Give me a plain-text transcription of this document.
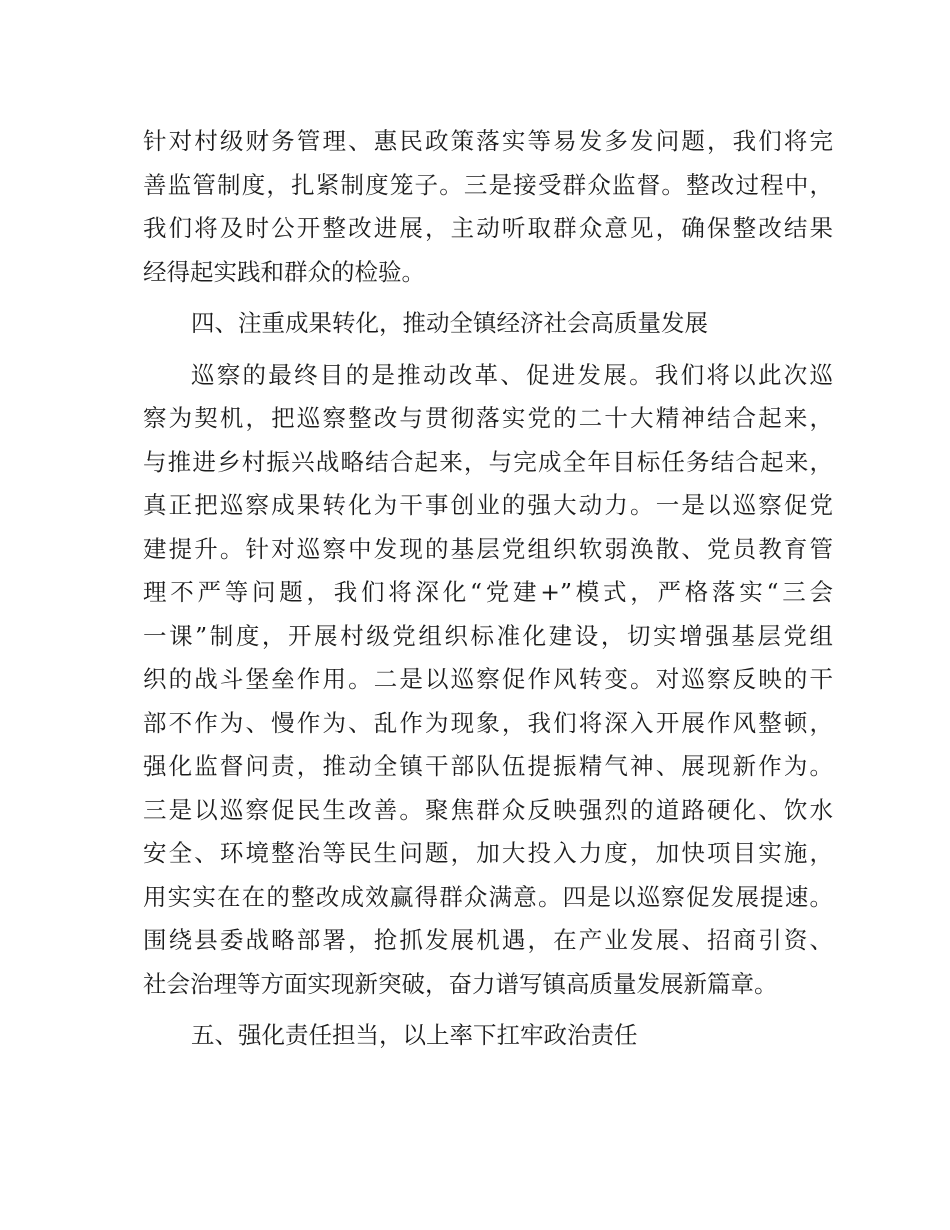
针对村级财务管理、惠民政策落实等易发多发问题，我们将完
善监管制度，扎紧制度笼子。三是接受群众监督。整改过程中，
我们将及时公开整改进展，主动听取群众意见，确保整改结果
经得起实践和群众的检验。
四、注重成果转化，推动全镇经济社会高质量发展
巡察的最终目的是推动改革、促进发展。我们将以此次巡
察为契机，把巡察整改与贯彻落实党的二十大精神结合起来，
与推进乡村振兴战略结合起来，与完成全年目标任务结合起来，
真正把巡察成果转化为干事创业的强大动力。一是以巡察促党
建提升。针对巡察中发现的基层党组织软弱涣散、党员教育管
理不严等问题，我们将深化“党建+”模式，严格落实“三会
一课”制度，开展村级党组织标准化建设，切实增强基层党组
织的战斗堡垒作用。二是以巡察促作风转变。对巡察反映的干
部不作为、慢作为、乱作为现象，我们将深入开展作风整顿，
强化监督问责，推动全镇干部队伍提振精气神、展现新作为。
三是以巡察促民生改善。聚焦群众反映强烈的道路硬化、饮水
安全、环境整治等民生问题，加大投入力度，加快项目实施，
用实实在在的整改成效赢得群众满意。四是以巡察促发展提速。
围绕县委战略部署，抢抓发展机遇，在产业发展、招商引资、
社会治理等方面实现新突破，奋力谱写镇高质量发展新篇章。
五、强化责任担当，以上率下扛牢政治责任
